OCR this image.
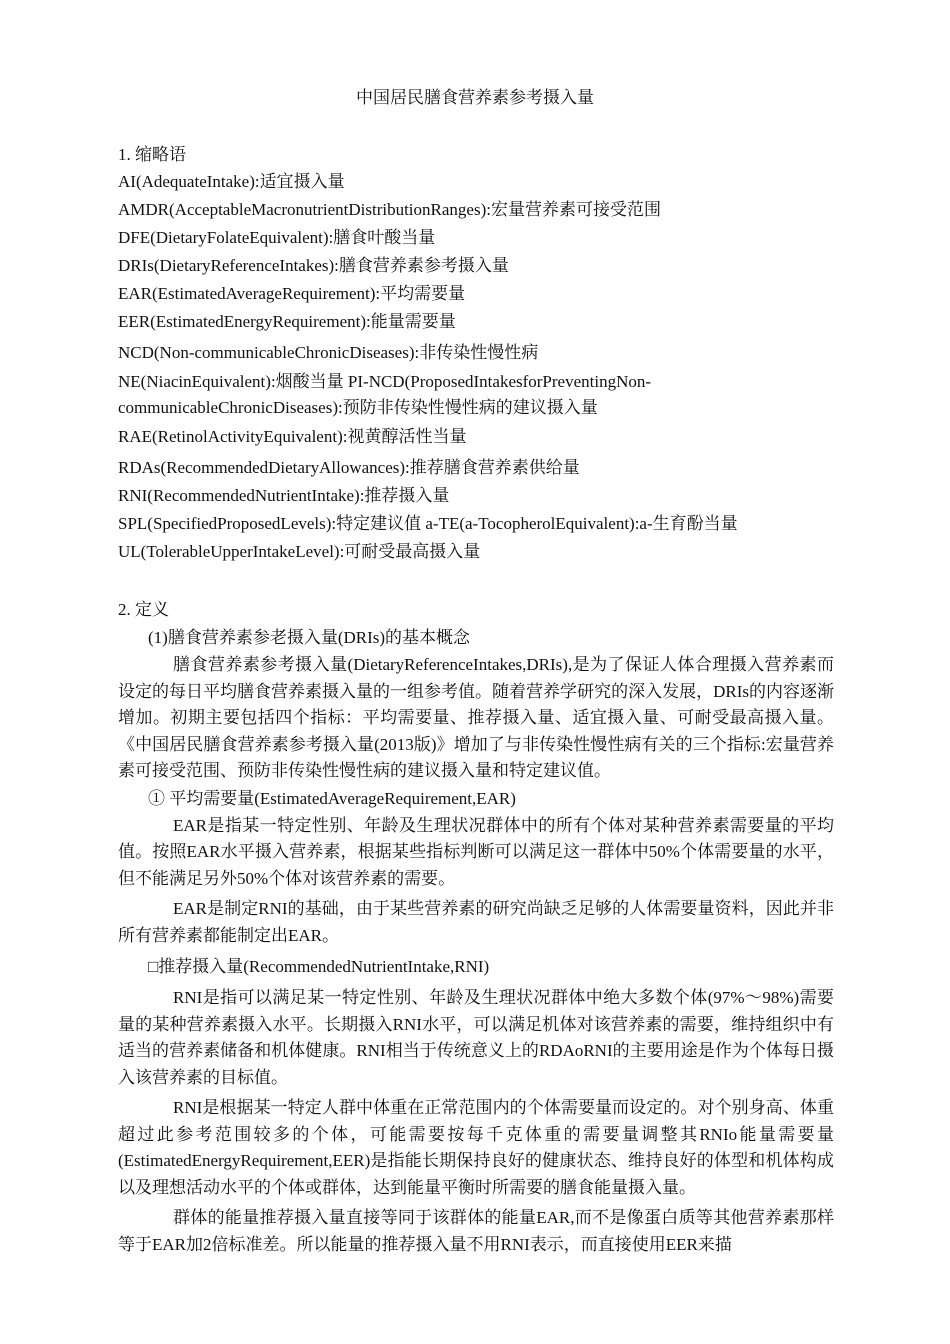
中国居民膳食营养素参考摄入量
1. 缩略语
AI(AdequateIntake):适宜摄入量
AMDR(AcceptableMacronutrientDistributionRanges):宏量营养素可接受范围
DFE(DietaryFolateEquivalent):膳食叶酸当量
DRIs(DietaryReferenceIntakes):膳食营养素参考摄入量
EAR(EstimatedAverageRequirement):平均需要量
EER(EstimatedEnergyRequirement):能量需要量
NCD(Non-communicableChronicDiseases):非传染性慢性病
NE(NiacinEquivalent):烟酸当量 PI-NCD(ProposedIntakesforPreventingNon-communicableChronicDiseases):预防非传染性慢性病的建议摄入量
RAE(RetinolActivityEquivalent):视黄醇活性当量
RDAs(RecommendedDietaryAllowances):推荐膳食营养素供给量
RNI(RecommendedNutrientIntake):推荐摄入量
SPL(SpecifiedProposedLevels):特定建议值 a-TE(a-TocopherolEquivalent):a-生育酚当量
UL(TolerableUpperIntakeLevel):可耐受最高摄入量
2. 定义
(1)膳食营养素参老摄入量(DRIs)的基本概念

膳食营养素参考摄入量(DietaryReferenceIntakes,DRIs),是为了保证人体合理摄入营养素而设定的每日平均膳食营养素摄入量的一组参考值。随着营养学研究的深入发展，DRIs的内容逐渐增加。初期主要包括四个指标：平均需要量、推荐摄入量、适宜摄入量、可耐受最高摄入量。《中国居民膳食营养素参考摄入量(2013版)》增加了与非传染性慢性病有关的三个指标:宏量营养素可接受范围、预防非传染性慢性病的建议摄入量和特定建议值。

① 平均需要量(EstimatedAverageRequirement,EAR)

EAR是指某一特定性别、年龄及生理状况群体中的所有个体对某种营养素需要量的平均值。按照EAR水平摄入营养素，根据某些指标判断可以满足这一群体中50%个体需要量的水平，但不能满足另外50%个体对该营养素的需要。

EAR是制定RNI的基础，由于某些营养素的研究尚缺乏足够的人体需要量资料，因此并非所有营养素都能制定出EAR。

□推荐摄入量(RecommendedNutrientIntake,RNI)

RNI是指可以满足某一特定性别、年龄及生理状况群体中绝大多数个体(97%〜98%)需要量的某种营养素摄入水平。长期摄入RNI水平，可以满足机体对该营养素的需要，维持组织中有适当的营养素储备和机体健康。RNI相当于传统意义上的RDAoRNI的主要用途是作为个体每日摄入该营养素的目标值。

RNI是根据某一特定人群中体重在正常范围内的个体需要量而设定的。对个别身高、体重超过此参考范围较多的个体，可能需要按每千克体重的需要量调整其RNIo能量需要量(EstimatedEnergyRequirement,EER)是指能长期保持良好的健康状态、维持良好的体型和机体构成以及理想活动水平的个体或群体，达到能量平衡时所需要的膳食能量摄入量。

群体的能量推荐摄入量直接等同于该群体的能量EAR,而不是像蛋白质等其他营养素那样等于EAR加2倍标准差。所以能量的推荐摄入量不用RNI表示，而直接使用EER来描
